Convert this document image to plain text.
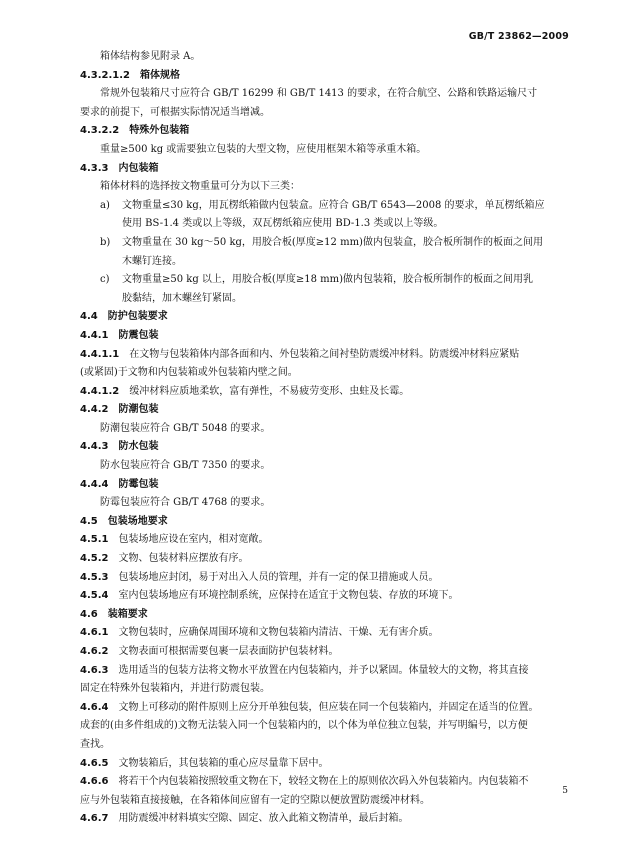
GB/T 23862—2009
箱体结构参见附录 A。
4.3.2.1.2 箱体规格
常规外包装箱尺寸应符合 GB/T 16299 和 GB/T 1413 的要求，在符合航空、公路和铁路运输尺寸
要求的前提下，可根据实际情况适当增减。
4.3.2.2 特殊外包装箱
重量≥500 kg 或需要独立包装的大型文物，应使用框架木箱等承重木箱。
4.3.3 内包装箱
箱体材料的选择按文物重量可分为以下三类：
a)	文物重量≤30 kg，用瓦楞纸箱做内包装盒。应符合 GB/T 6543—2008 的要求，单瓦楞纸箱应
使用 BS-1.4 类或以上等级，双瓦楞纸箱应使用 BD-1.3 类或以上等级。
b)	文物重量在 30 kg～50 kg，用胶合板(厚度≥12 mm)做内包装盒，胶合板所制作的板面之间用
木螺钉连接。
c)	文物重量≥50 kg 以上，用胶合板(厚度≥18 mm)做内包装箱，胶合板所制作的板面之间用乳
胶黏结，加木螺丝钉紧固。
4.4 防护包装要求
4.4.1 防震包装
4.4.1.1 在文物与包装箱体内部各面和内、外包装箱之间衬垫防震缓冲材料。防震缓冲材料应紧贴
(或紧固)于文物和内包装箱或外包装箱内壁之间。
4.4.1.2 缓冲材料应质地柔软，富有弹性，不易疲劳变形、虫蛀及长霉。
4.4.2 防潮包装
防潮包装应符合 GB/T 5048 的要求。
4.4.3 防水包装
防水包装应符合 GB/T 7350 的要求。
4.4.4 防霉包装
防霉包装应符合 GB/T 4768 的要求。
4.5 包装场地要求
4.5.1 包装场地应设在室内，相对宽敞。
4.5.2 文物、包装材料应摆放有序。
4.5.3 包装场地应封闭，易于对出入人员的管理，并有一定的保卫措施或人员。
4.5.4 室内包装场地应有环境控制系统，应保持在适宜于文物包装、存放的环境下。
4.6 装箱要求
4.6.1 文物包装时，应确保周围环境和文物包装箱内清洁、干燥、无有害介质。
4.6.2 文物表面可根据需要包裹一层表面防护包装材料。
4.6.3 选用适当的包装方法将文物水平放置在内包装箱内，并予以紧固。体量较大的文物，将其直接
固定在特殊外包装箱内，并进行防震包装。
4.6.4 文物上可移动的附件原则上应分开单独包装，但应装在同一个包装箱内，并固定在适当的位置。
成套的(由多件组成的)文物无法装入同一个包装箱内的，以个体为单位独立包装，并写明编号，以方便
查找。
4.6.5 文物装箱后，其包装箱的重心应尽量靠下居中。
4.6.6 将若干个内包装箱按照较重文物在下，较轻文物在上的原则依次码入外包装箱内。内包装箱不
应与外包装箱直接接触，在各箱体间应留有一定的空隙以便放置防震缓冲材料。
4.6.7 用防震缓冲材料填实空隙、固定、放入此箱文物清单，最后封箱。
5
